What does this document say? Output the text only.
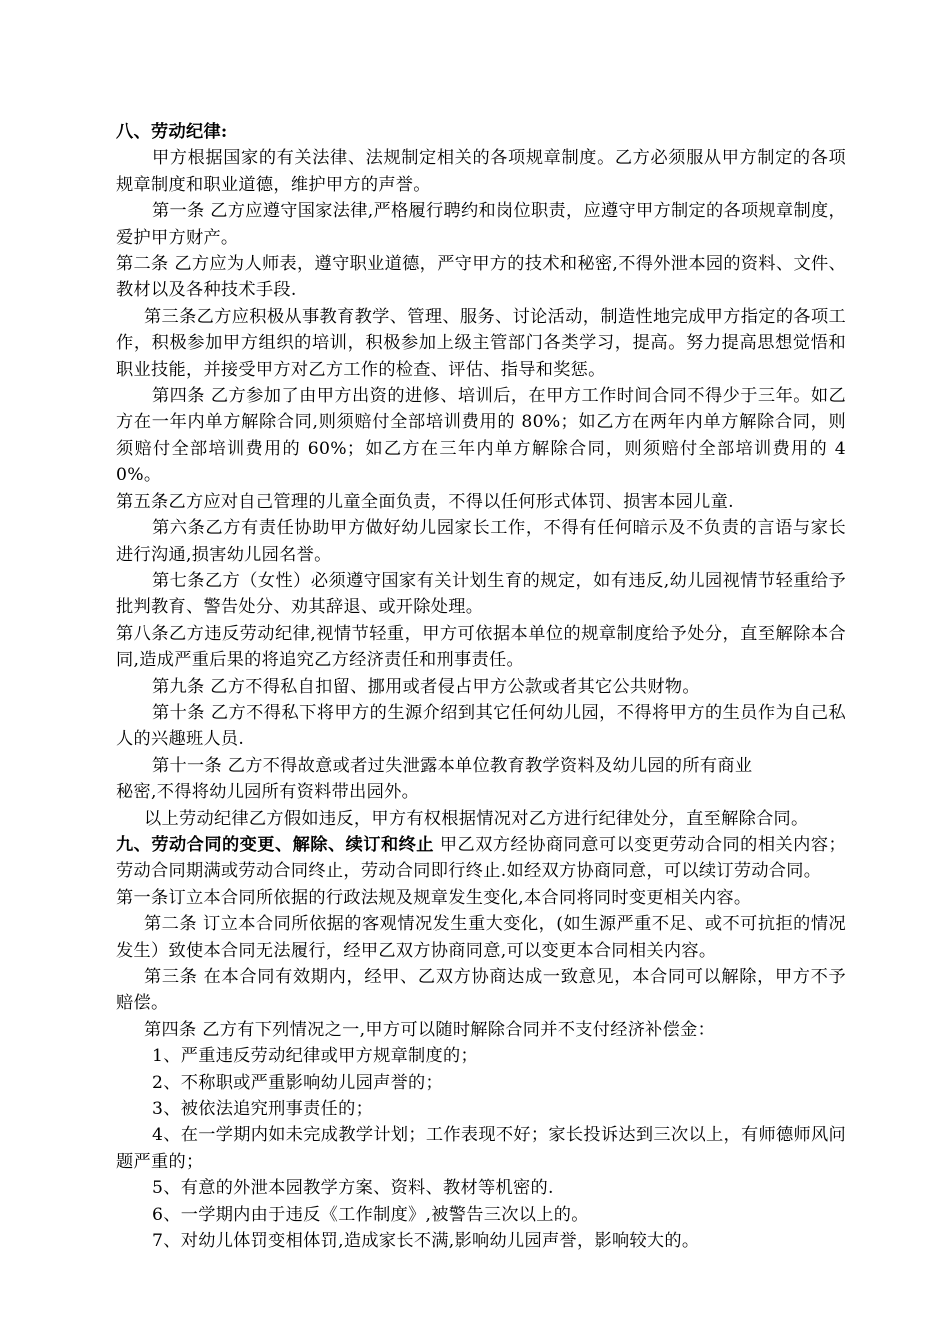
八、劳动纪律:

甲方根据国家的有关法律、法规制定相关的各项规章制度。乙方必须服从甲方制定的各项规章制度和职业道德，维护甲方的声誉。

第一条 乙方应遵守国家法律,严格履行聘约和岗位职责，应遵守甲方制定的各项规章制度，爱护甲方财产。

第二条 乙方应为人师表，遵守职业道德，严守甲方的技术和秘密,不得外泄本园的资料、文件、教材以及各种技术手段.

第三条乙方应积极从事教育教学、管理、服务、讨论活动，制造性地完成甲方指定的各项工作，积极参加甲方组织的培训，积极参加上级主管部门各类学习，提高。努力提高思想觉悟和职业技能，并接受甲方对乙方工作的检查、评估、指导和奖惩。

第四条 乙方参加了由甲方出资的进修、培训后，在甲方工作时间合同不得少于三年。如乙方在一年内单方解除合同,则须赔付全部培训费用的 80%；如乙方在两年内单方解除合同，则须赔付全部培训费用的 60%；如乙方在三年内单方解除合同，则须赔付全部培训费用的 40%。

第五条乙方应对自己管理的儿童全面负责，不得以任何形式体罚、损害本园儿童.

第六条乙方有责任协助甲方做好幼儿园家长工作，不得有任何暗示及不负责的言语与家长进行沟通,损害幼儿园名誉。

第七条乙方（女性）必须遵守国家有关计划生育的规定，如有违反,幼儿园视情节轻重给予批判教育、警告处分、劝其辞退、或开除处理。

第八条乙方违反劳动纪律,视情节轻重，甲方可依据本单位的规章制度给予处分，直至解除本合同,造成严重后果的将追究乙方经济责任和刑事责任。

第九条 乙方不得私自扣留、挪用或者侵占甲方公款或者其它公共财物。

第十条 乙方不得私下将甲方的生源介绍到其它任何幼儿园，不得将甲方的生员作为自己私人的兴趣班人员.

第十一条 乙方不得故意或者过失泄露本单位教育教学资料及幼儿园的所有商业

秘密,不得将幼儿园所有资料带出园外。

以上劳动纪律乙方假如违反，甲方有权根据情况对乙方进行纪律处分，直至解除合同。

九、劳动合同的变更、解除、续订和终止 甲乙双方经协商同意可以变更劳动合同的相关内容；劳动合同期满或劳动合同终止，劳动合同即行终止.如经双方协商同意，可以续订劳动合同。

第一条订立本合同所依据的行政法规及规章发生变化,本合同将同时变更相关内容。

第二条 订立本合同所依据的客观情况发生重大变化，(如生源严重不足、或不可抗拒的情况发生）致使本合同无法履行，经甲乙双方协商同意,可以变更本合同相关内容。

第三条 在本合同有效期内，经甲、乙双方协商达成一致意见，本合同可以解除，甲方不予赔偿。

第四条 乙方有下列情况之一,甲方可以随时解除合同并不支付经济补偿金：

1、严重违反劳动纪律或甲方规章制度的；

2、不称职或严重影响幼儿园声誉的；

3、被依法追究刑事责任的；

4、在一学期内如未完成教学计划；工作表现不好；家长投诉达到三次以上，有师德师风问题严重的；

5、有意的外泄本园教学方案、资料、教材等机密的.

6、一学期内由于违反《工作制度》,被警告三次以上的。

7、对幼儿体罚变相体罚,造成家长不满,影响幼儿园声誉，影响较大的。
